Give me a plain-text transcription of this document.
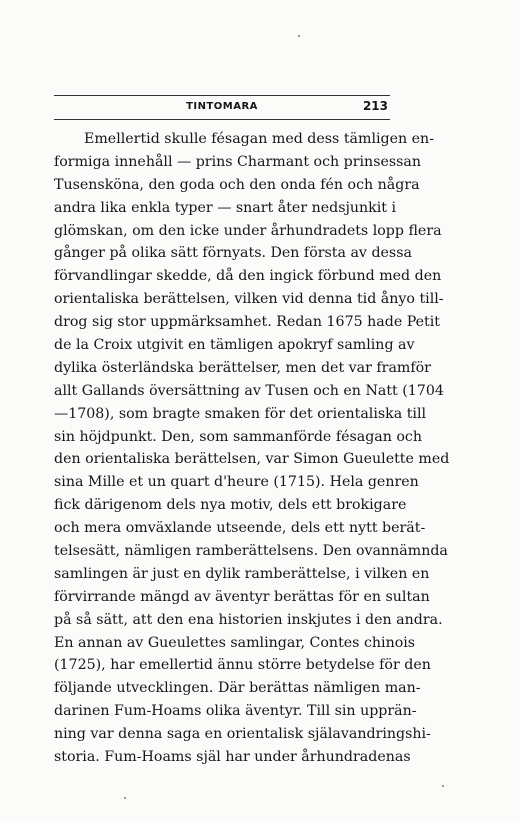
TINTOMARA	213
Emellertid skulle fésagan med dess tämligen en-
formiga innehåll — prins Charmant och prinsessan
Tusensköna, den goda och den onda fén och några
andra lika enkla typer — snart åter nedsjunkit i
glömskan, om den icke under århundradets lopp flera
gånger på olika sätt förnyats. Den första av dessa
förvandlingar skedde, då den ingick förbund med den
orientaliska berättelsen, vilken vid denna tid ånyo till-
drog sig stor uppmärksamhet. Redan 1675 hade Petit
de la Croix utgivit en tämligen apokryf samling av
dylika österländska berättelser, men det var framför
allt Gallands översättning av Tusen och en Natt (1704
—1708), som bragte smaken för det orientaliska till
sin höjdpunkt. Den, som sammanförde fésagan och
den orientaliska berättelsen, var Simon Gueulette med
sina Mille et un quart d'heure (1715). Hela genren
fick därigenom dels nya motiv, dels ett brokigare
och mera omväxlande utseende, dels ett nytt berät-
telsesätt, nämligen ramberättelsens. Den ovannämnda
samlingen är just en dylik ramberättelse, i vilken en
förvirrande mängd av äventyr berättas för en sultan
på så sätt, att den ena historien inskjutes i den andra.
En annan av Gueulettes samlingar, Contes chinois
(1725), har emellertid ännu större betydelse för den
följande utvecklingen. Där berättas nämligen man-
darinen Fum-Hoams olika äventyr. Till sin upprän-
ning var denna saga en orientalisk själavandringshi-
storia. Fum-Hoams själ har under århundradenas
